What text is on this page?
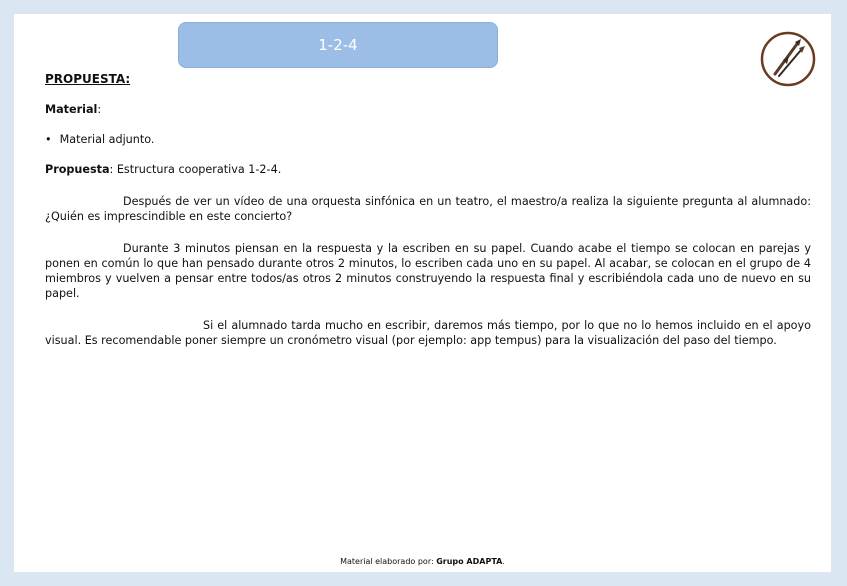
1-2-4
PROPUESTA:
Material:
• Material adjunto.
Propuesta: Estructura cooperativa 1-2-4.
Después de ver un vídeo de una orquesta sinfónica en un teatro, el maestro/a realiza la siguiente pregunta al alumnado: ¿Quién es imprescindible en este concierto?
Durante 3 minutos piensan en la respuesta y la escriben en su papel. Cuando acabe el tiempo se colocan en parejas y ponen en común lo que han pensado durante otros 2 minutos, lo escriben cada uno en su papel. Al acabar, se colocan en el grupo de 4 miembros y vuelven a pensar entre todos/as otros 2 minutos construyendo la respuesta final y escribiéndola cada uno de nuevo en su papel.
Si el alumnado tarda mucho en escribir, daremos más tiempo, por lo que no lo hemos incluido en el apoyo visual. Es recomendable poner siempre un cronómetro visual (por ejemplo: app tempus) para la visualización del paso del tiempo.
Material elaborado por: Grupo ADAPTA.
